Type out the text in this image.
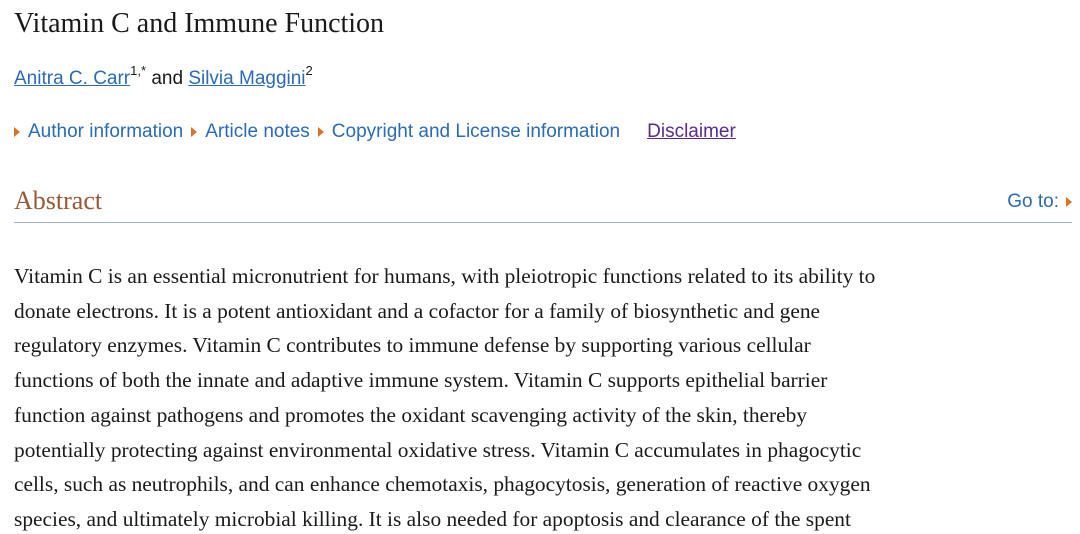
Vitamin C and Immune Function
Anitra C. Carr$^{1,*}$ and Silvia Maggini$^2$
Author information Article notes Copyright and License information Disclaimer
Abstract	Go to:

Vitamin C is an essential micronutrient for humans, with pleiotropic functions related to its ability to
donate electrons. It is a potent antioxidant and a cofactor for a family of biosynthetic and gene
regulatory enzymes. Vitamin C contributes to immune defense by supporting various cellular
functions of both the innate and adaptive immune system. Vitamin C supports epithelial barrier
function against pathogens and promotes the oxidant scavenging activity of the skin, thereby
potentially protecting against environmental oxidative stress. Vitamin C accumulates in phagocytic
cells, such as neutrophils, and can enhance chemotaxis, phagocytosis, generation of reactive oxygen
species, and ultimately microbial killing. It is also needed for apoptosis and clearance of the spent
